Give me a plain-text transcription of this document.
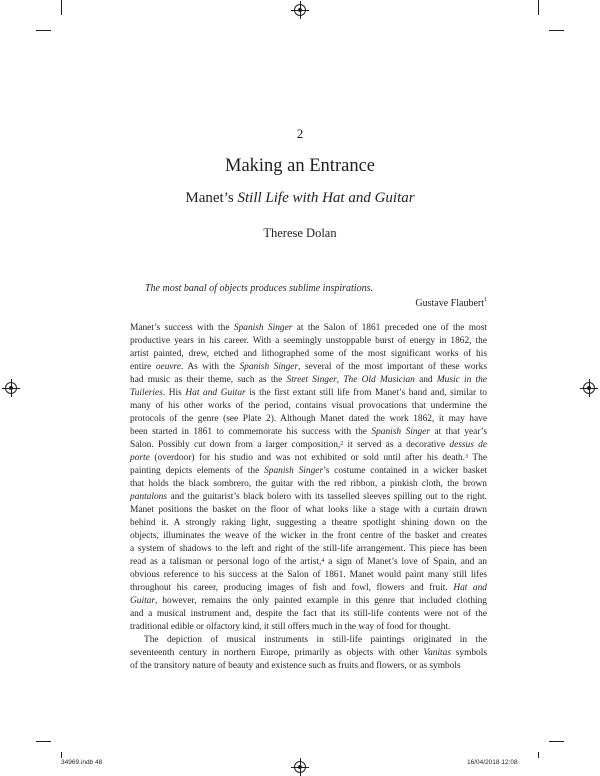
2
Making an Entrance
Manet’s Still Life with Hat and Guitar
Therese Dolan
The most banal of objects produces sublime inspirations.
Gustave Flaubert$^1$
Manet’s success with the Spanish Singer at the Salon of 1861 preceded one of the most
productive years in his career. With a seemingly unstoppable burst of energy in 1862, the
artist painted, drew, etched and lithographed some of the most significant works of his
entire oeuvre. As with the Spanish Singer, several of the most important of these works
had music as their theme, such as the Street Singer, The Old Musician and Music in the
Tuileries. His Hat and Guitar is the first extant still life from Manet’s hand and, similar to
many of his other works of the period, contains visual provocations that undermine the
protocols of the genre (see Plate 2). Although Manet dated the work 1862, it may have
been started in 1861 to commemorate his success with the Spanish Singer at that year’s
Salon. Possibly cut down from a larger composition,$^2$ it served as a decorative dessus de
porte (overdoor) for his studio and was not exhibited or sold until after his death.$^3$ The
painting depicts elements of the Spanish Singer’s costume contained in a wicker basket
that holds the black sombrero, the guitar with the red ribbon, a pinkish cloth, the brown
pantalons and the guitarist’s black bolero with its tasselled sleeves spilling out to the right.
Manet positions the basket on the floor of what looks like a stage with a curtain drawn
behind it. A strongly raking light, suggesting a theatre spotlight shining down on the
objects, illuminates the weave of the wicker in the front centre of the basket and creates
a system of shadows to the left and right of the still-life arrangement. This piece has been
read as a talisman or personal logo of the artist,$^4$ a sign of Manet’s love of Spain, and an
obvious reference to his success at the Salon of 1861. Manet would paint many still lifes
throughout his career, producing images of fish and fowl, flowers and fruit. Hat and
Guitar, however, remains the only painted example in this genre that included clothing
and a musical instrument and, despite the fact that its still-life contents were not of the
traditional edible or olfactory kind, it still offers much in the way of food for thought.
The depiction of musical instruments in still-life paintings originated in the
seventeenth century in northern Europe, primarily as objects with other Vanitas symbols
of the transitory nature of beauty and existence such as fruits and flowers, or as symbols
34969.indb 48	16/04/2018 12:08
